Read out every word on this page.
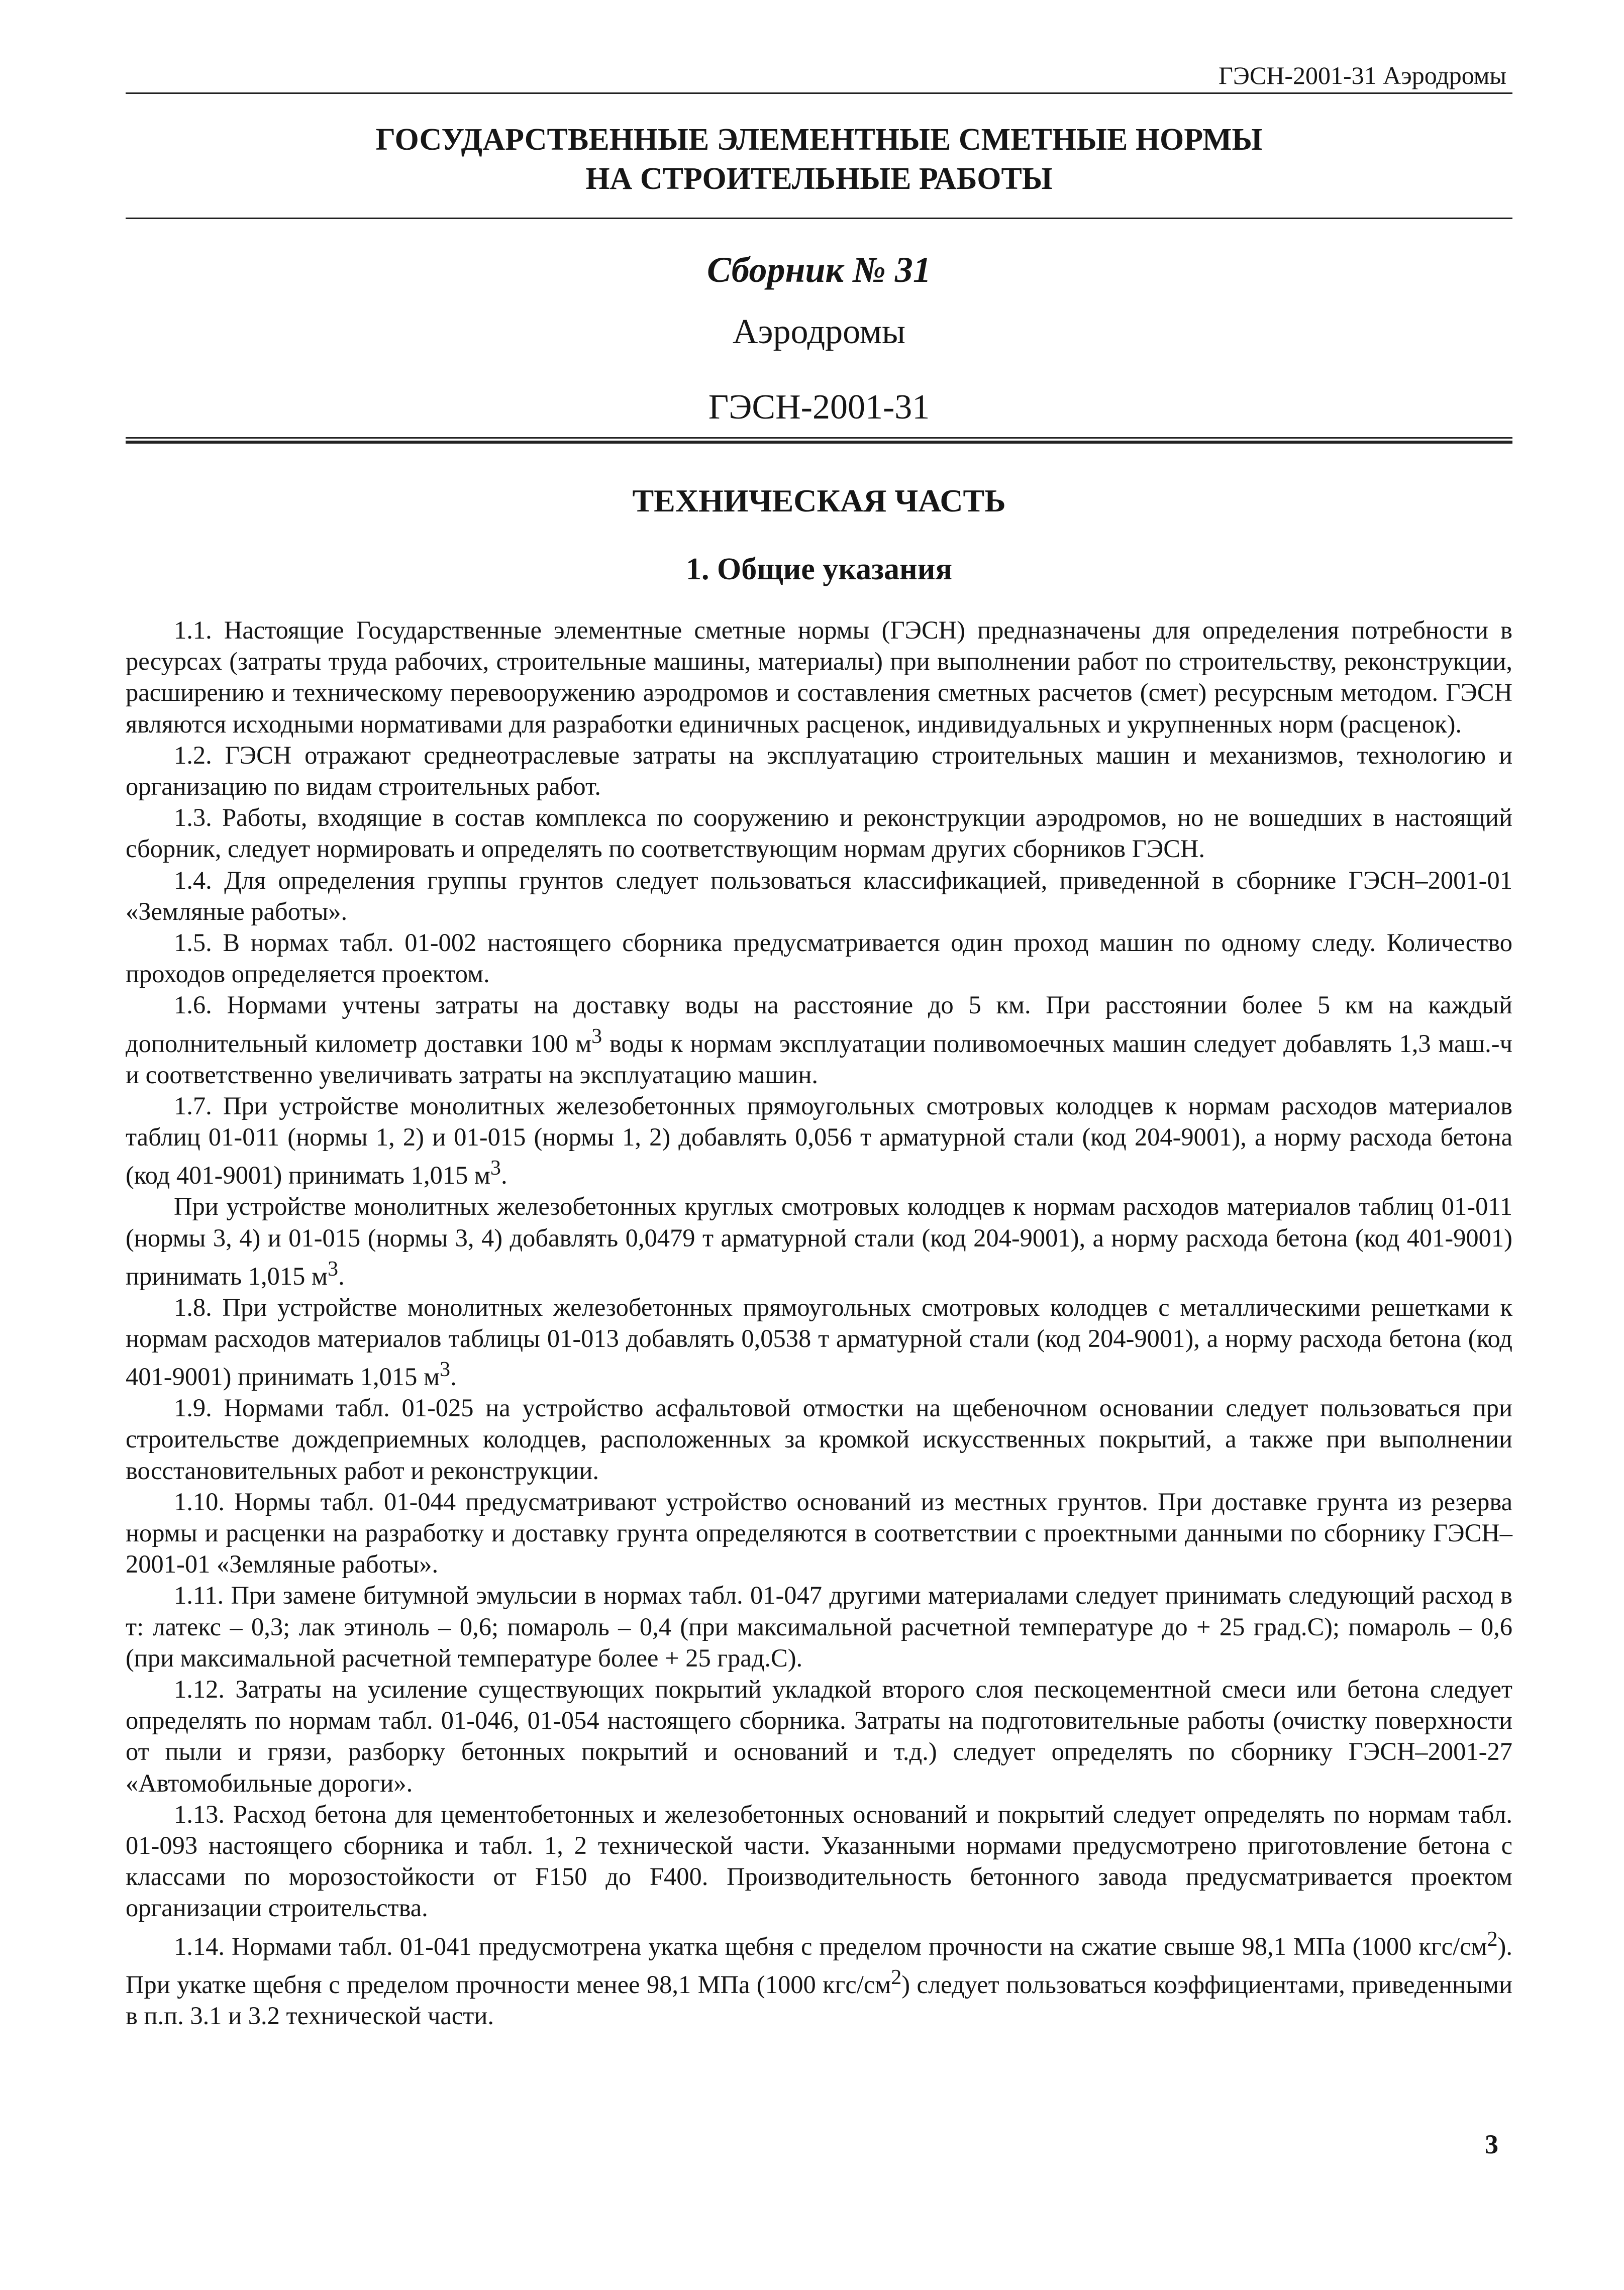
ГЭСН-2001-31 Аэродромы

ГОСУДАРСТВЕННЫЕ ЭЛЕМЕНТНЫЕ СМЕТНЫЕ НОРМЫ

НА СТРОИТЕЛЬНЫЕ РАБОТЫ

Сборник № 31

Аэродромы

ГЭСН-2001-31

ТЕХНИЧЕСКАЯ ЧАСТЬ

1. Общие указания

1.1. Настоящие Государственные элементные сметные нормы (ГЭСН) предназначены для определения потребности в ресурсах (затраты труда рабочих, строительные машины, материалы) при выполнении работ по строительству, реконструкции, расширению и техническому перевооружению аэродромов и составления сметных расчетов (смет) ресурсным методом. ГЭСН являются исходными нормативами для разработки единичных расценок, индивидуальных и укрупненных норм (расценок).

1.2. ГЭСН отражают среднеотраслевые затраты на эксплуатацию строительных машин и механизмов, технологию и организацию по видам строительных работ.

1.3. Работы, входящие в состав комплекса по сооружению и реконструкции аэродромов, но не вошедших в настоящий сборник, следует нормировать и определять по соответствующим нормам других сборников ГЭСН.

1.4. Для определения группы грунтов следует пользоваться классификацией, приведенной в сборнике ГЭСН–2001-01 «Земляные работы».

1.5. В нормах табл. 01-002 настоящего сборника предусматривается один проход машин по одному следу. Количество проходов определяется проектом.

1.6. Нормами учтены затраты на доставку воды на расстояние до 5 км. При расстоянии более 5 км на каждый дополнительный километр доставки 100 $м^3$ воды к нормам эксплуатации поливомоечных машин следует добавлять 1,3 маш.-ч и соответственно увеличивать затраты на эксплуатацию машин.

1.7. При устройстве монолитных железобетонных прямоугольных смотровых колодцев к нормам расходов материалов таблиц 01-011 (нормы 1, 2) и 01-015 (нормы 1, 2) добавлять 0,056 т арматурной стали (код 204-9001), а норму расхода бетона (код 401-9001) принимать 1,015 $м^3$.

При устройстве монолитных железобетонных круглых смотровых колодцев к нормам расходов материалов таблиц 01-011 (нормы 3, 4) и 01-015 (нормы 3, 4) добавлять 0,0479 т арматурной стали (код 204-9001), а норму расхода бетона (код 401-9001) принимать 1,015 $м^3$.

1.8. При устройстве монолитных железобетонных прямоугольных смотровых колодцев с металлическими решетками к нормам расходов материалов таблицы 01-013 добавлять 0,0538 т арматурной стали (код 204-9001), а норму расхода бетона (код 401-9001) принимать 1,015 $м^3$.

1.9. Нормами табл. 01-025 на устройство асфальтовой отмостки на щебеночном основании следует пользоваться при строительстве дождеприемных колодцев, расположенных за кромкой искусственных покрытий, а также при выполнении восстановительных работ и реконструкции.

1.10. Нормы табл. 01-044 предусматривают устройство оснований из местных грунтов. При доставке грунта из резерва нормы и расценки на разработку и доставку грунта определяются в соответствии с проектными данными по сборнику ГЭСН–2001-01 «Земляные работы».

1.11. При замене битумной эмульсии в нормах табл. 01-047 другими материалами следует принимать следующий расход в т: латекс – 0,3; лак этиноль – 0,6; помароль – 0,4 (при максимальной расчетной температуре до + 25 град.С); помароль – 0,6 (при максимальной расчетной температуре более + 25 град.С).

1.12. Затраты на усиление существующих покрытий укладкой второго слоя пескоцементной смеси или бетона следует определять по нормам табл. 01-046, 01-054 настоящего сборника. Затраты на подготовительные работы (очистку поверхности от пыли и грязи, разборку бетонных покрытий и оснований и т.д.) следует определять по сборнику ГЭСН–2001-27 «Автомобильные дороги».

1.13. Расход бетона для цементобетонных и железобетонных оснований и покрытий следует определять по нормам табл. 01-093 настоящего сборника и табл. 1, 2 технической части. Указанными нормами предусмотрено приготовление бетона с классами по морозостойкости от F150 до F400. Производительность бетонного завода предусматривается проектом организации строительства.

1.14. Нормами табл. 01-041 предусмотрена укатка щебня с пределом прочности на сжатие свыше 98,1 МПа (1000 кгс/$см^2$). При укатке щебня с пределом прочности менее 98,1 МПа (1000 кгс/$см^2$) следует пользоваться коэффициентами, приведенными в п.п. 3.1 и 3.2 технической части.

3
